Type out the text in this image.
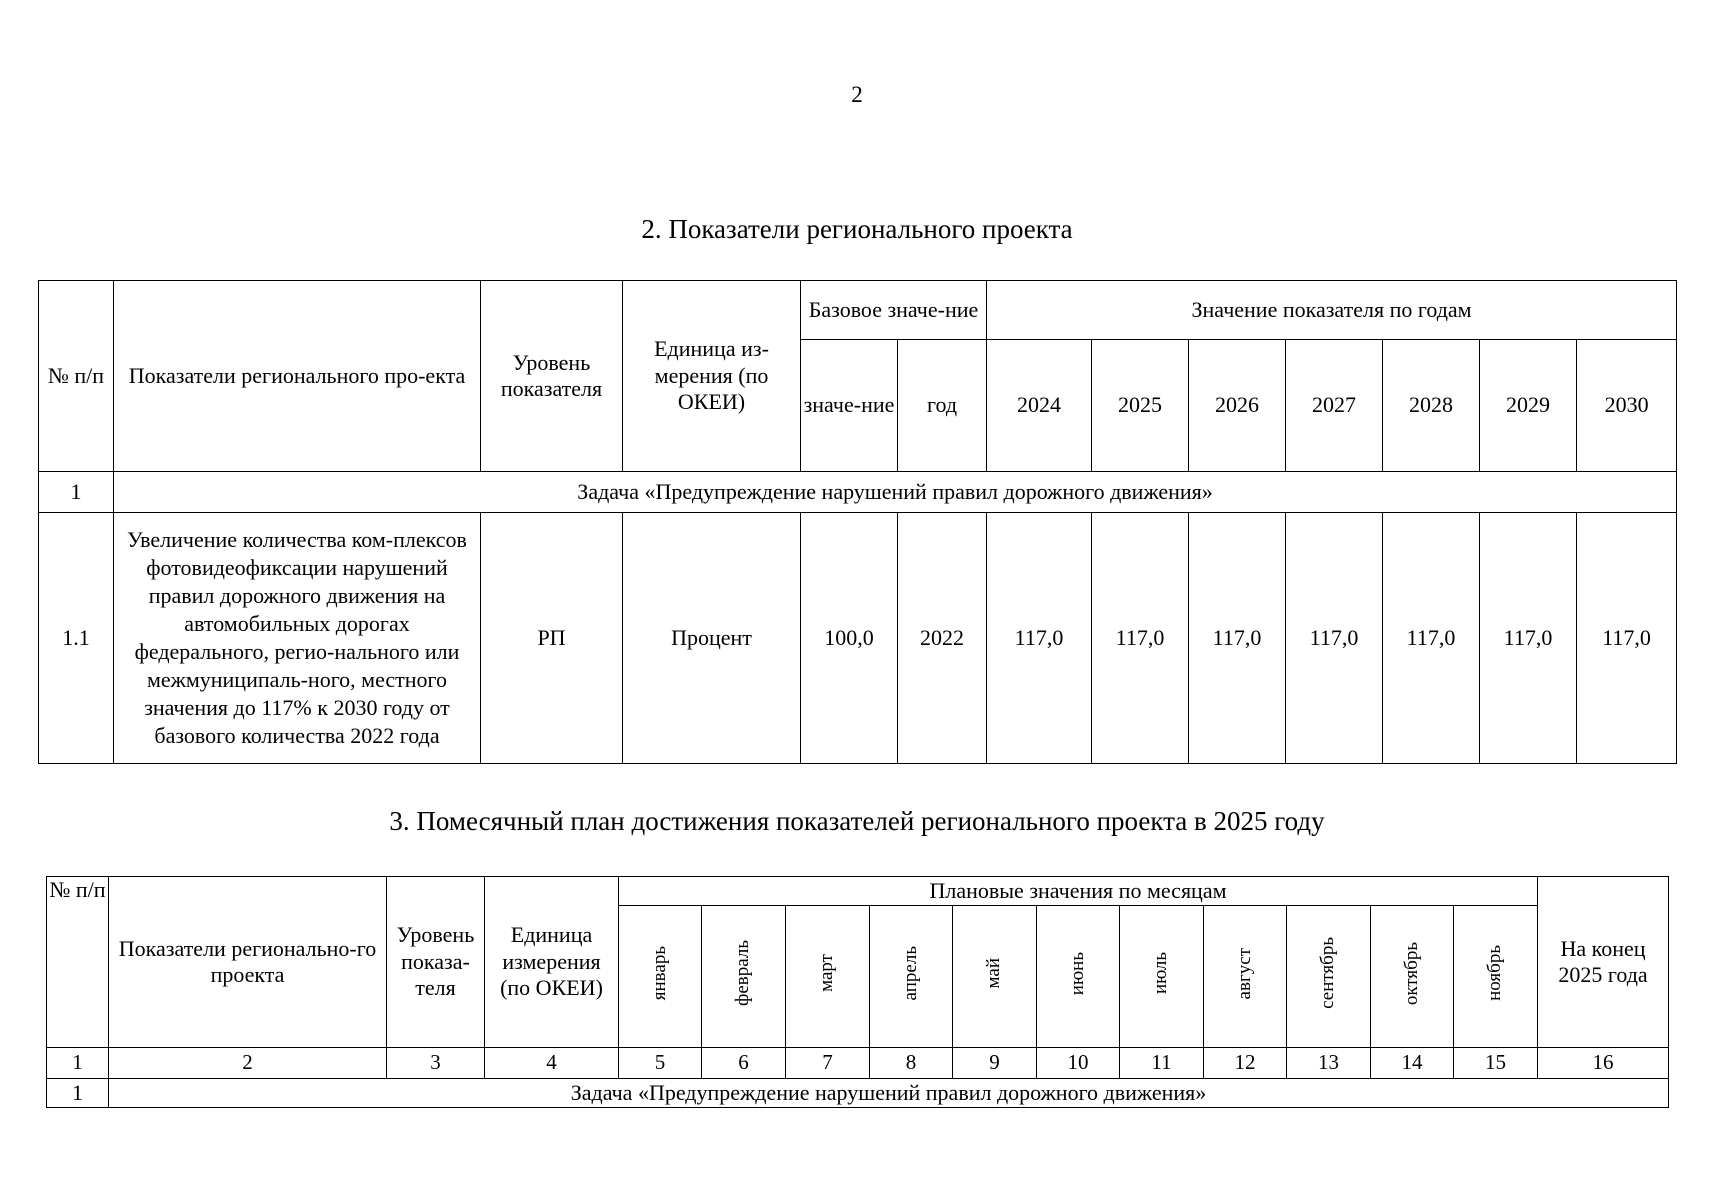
2
2. Показатели регионального проекта
№ п/п	Показатели регионального про-екта	Уровень показателя	Единица из-мерения (по ОКЕИ)	Базовое значе-ние		Значение показателя по годам						
				значе-ние	год	2024	2025	2026	2027	2028	2029	2030
1	Задача «Предупреждение нарушений правил дорожного движения»											
1.1	Увеличение количества ком-плексов фотовидеофиксации нарушений правил дорожного движения на автомобильных дорогах федерального, регио-нального или межмуниципаль-ного, местного значения до 117% к 2030 году от базового количества 2022 года	РП	Процент	100,0	2022	117,0	117,0	117,0	117,0	117,0	117,0	117,0
3. Помесячный план достижения показателей регионального проекта в 2025 году
№ п/п	Показатели регионально-го проекта	Уровень показа-теля	Единица измерения (по ОКЕИ)	Плановые значения по месяцам											На конец 2025 года
				январь	февраль	март	апрель	май	июнь	июль	август	сентябрь	октябрь	ноябрь	
1	2	3	4	5	6	7	8	9	10	11	12	13	14	15	16
1	Задача «Предупреждение нарушений правил дорожного движения»														
